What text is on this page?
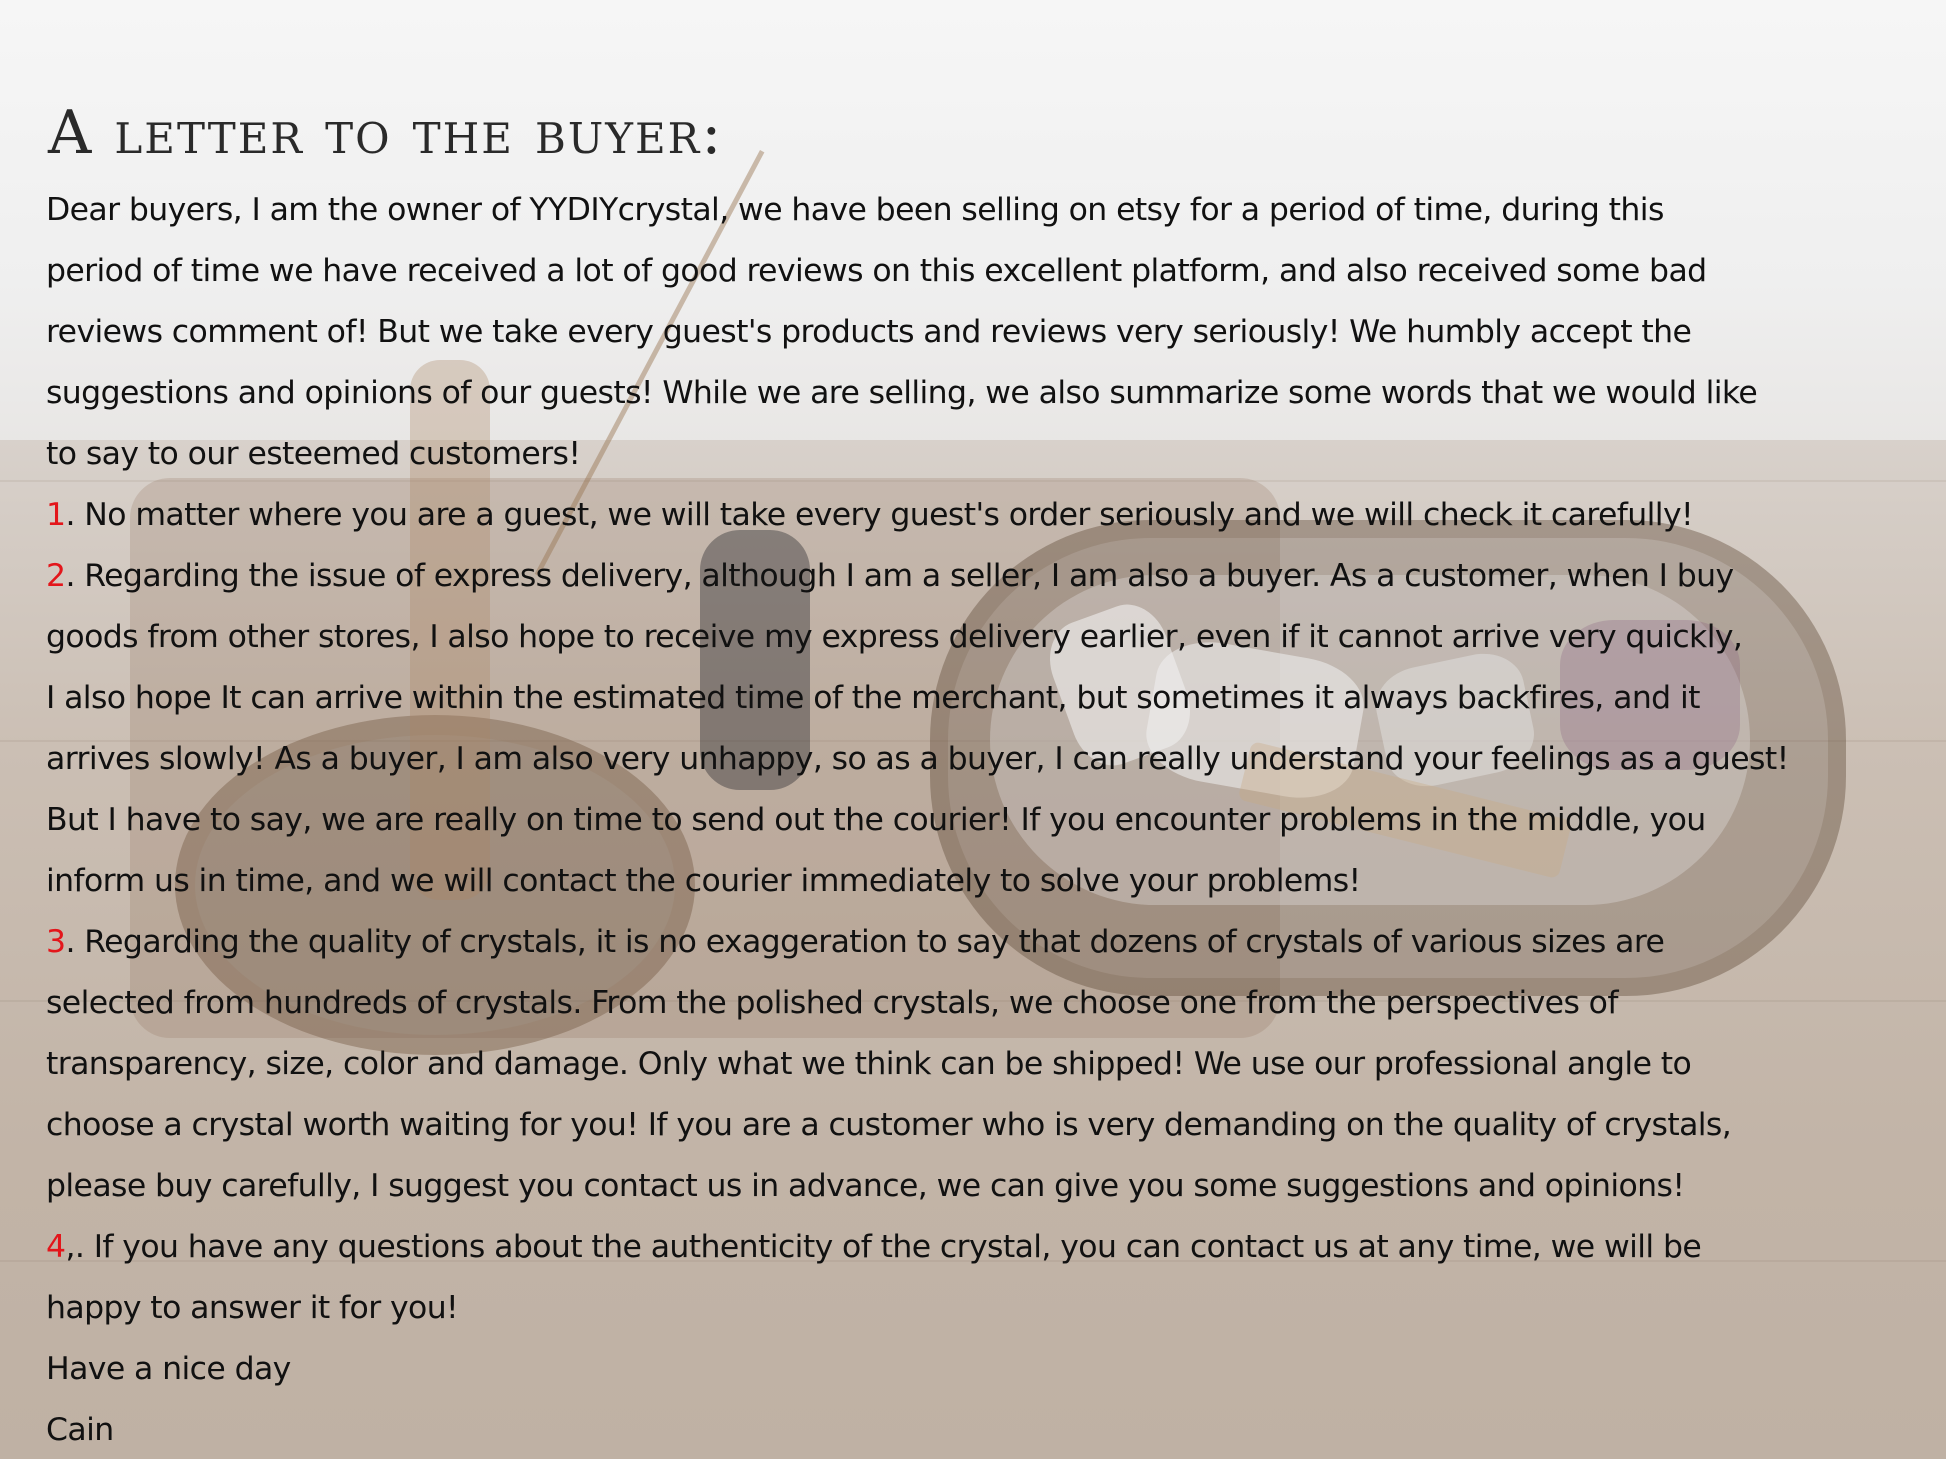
A letter to the buyer:

Dear buyers, I am the owner of YYDIYcrystal, we have been selling on etsy for a period of time, during this

period of time we have received a lot of good reviews on this excellent platform, and also received some bad

reviews comment of! But we take every guest's products and reviews very seriously! We humbly accept the

suggestions and opinions of our guests! While we are selling, we also summarize some words that we would like

to say to our esteemed customers!

1. No matter where you are a guest, we will take every guest's order seriously and we will check it carefully!

2. Regarding the issue of express delivery, although I am a seller, I am also a buyer. As a customer, when I buy

goods from other stores, I also hope to receive my express delivery earlier, even if it cannot arrive very quickly,

I also hope It can arrive within the estimated time of the merchant, but sometimes it always backfires, and it

arrives slowly! As a buyer, I am also very unhappy, so as a buyer, I can really understand your feelings as a guest!

But I have to say, we are really on time to send out the courier! If you encounter problems in the middle, you

inform us in time, and we will contact the courier immediately to solve your problems!

3. Regarding the quality of crystals, it is no exaggeration to say that dozens of crystals of various sizes are

selected from hundreds of crystals. From the polished crystals, we choose one from the perspectives of

transparency, size, color and damage. Only what we think can be shipped! We use our professional angle to

choose a crystal worth waiting for you! If you are a customer who is very demanding on the quality of crystals,

please buy carefully, I suggest you contact us in advance, we can give you some suggestions and opinions!

4,. If you have any questions about the authenticity of the crystal, you can contact us at any time, we will be

happy to answer it for you!

Have a nice day

Cain
